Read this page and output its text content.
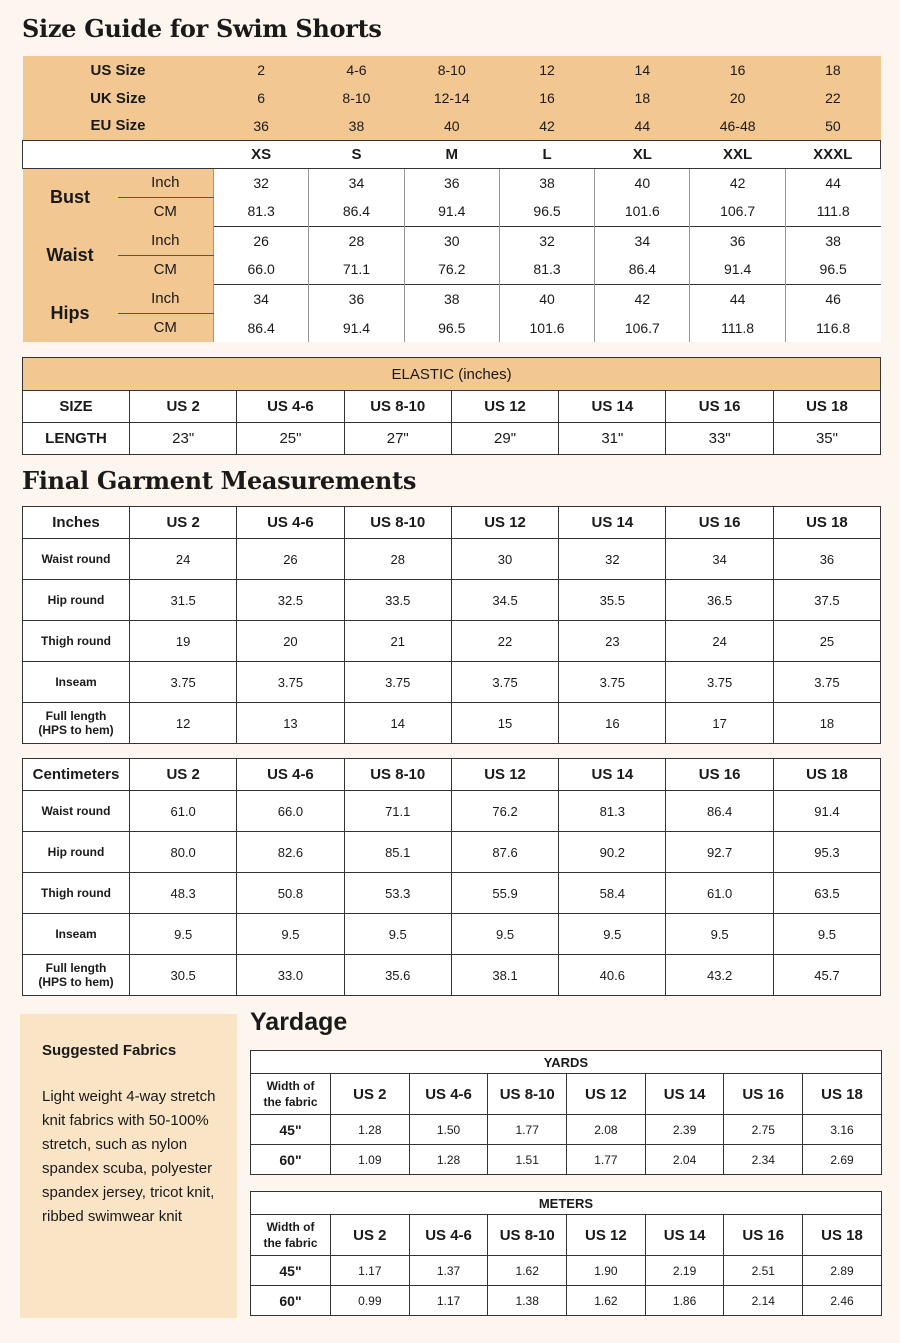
Size Guide for Swim Shorts
US Size		2	4-6	8-10	12	14	16	18
UK Size		6	8-10	12-14	16	18	20	22
EU Size		36	38	40	42	44	46-48	50
		XS	S	M	L	XL	XXL	XXXL
Bust	Inch	32	34	36	38	40	42	44
	CM	81.3	86.4	91.4	96.5	101.6	106.7	111.8
Waist	Inch	26	28	30	32	34	36	38
	CM	66.0	71.1	76.2	81.3	86.4	91.4	96.5
Hips	Inch	34	36	38	40	42	44	46
	CM	86.4	91.4	96.5	101.6	106.7	111.8	116.8
ELASTIC (inches)							
SIZE	US 2	US 4-6	US 8-10	US 12	US 14	US 16	US 18
LENGTH	23"	25"	27"	29"	31"	33"	35"
Final Garment Measurements
Inches	US 2	US 4-6	US 8-10	US 12	US 14	US 16	US 18
Waist round	24	26	28	30	32	34	36
Hip round	31.5	32.5	33.5	34.5	35.5	36.5	37.5
Thigh round	19	20	21	22	23	24	25
Inseam	3.75	3.75	3.75	3.75	3.75	3.75	3.75

Full length
(HPS to hem)	12	13	14	15	16	17	18
Centimeters	US 2	US 4-6	US 8-10	US 12	US 14	US 16	US 18
Waist round	61.0	66.0	71.1	76.2	81.3	86.4	91.4
Hip round	80.0	82.6	85.1	87.6	90.2	92.7	95.3
Thigh round	48.3	50.8	53.3	55.9	58.4	61.0	63.5
Inseam	9.5	9.5	9.5	9.5	9.5	9.5	9.5

Full length
(HPS to hem)	30.5	33.0	35.6	38.1	40.6	43.2	45.7
Suggested Fabrics
Light weight 4-way stretch knit fabrics with 50-100% stretch, such as nylon spandex scuba, polyester spandex jersey, tricot knit, ribbed swimwear knit
Yardage
YARDS							

Width of
the fabric	US 2	US 4-6	US 8-10	US 12	US 14	US 16	US 18
45"	1.28	1.50	1.77	2.08	2.39	2.75	3.16
60"	1.09	1.28	1.51	1.77	2.04	2.34	2.69
METERS							

Width of
the fabric	US 2	US 4-6	US 8-10	US 12	US 14	US 16	US 18
45"	1.17	1.37	1.62	1.90	2.19	2.51	2.89
60"	0.99	1.17	1.38	1.62	1.86	2.14	2.46
